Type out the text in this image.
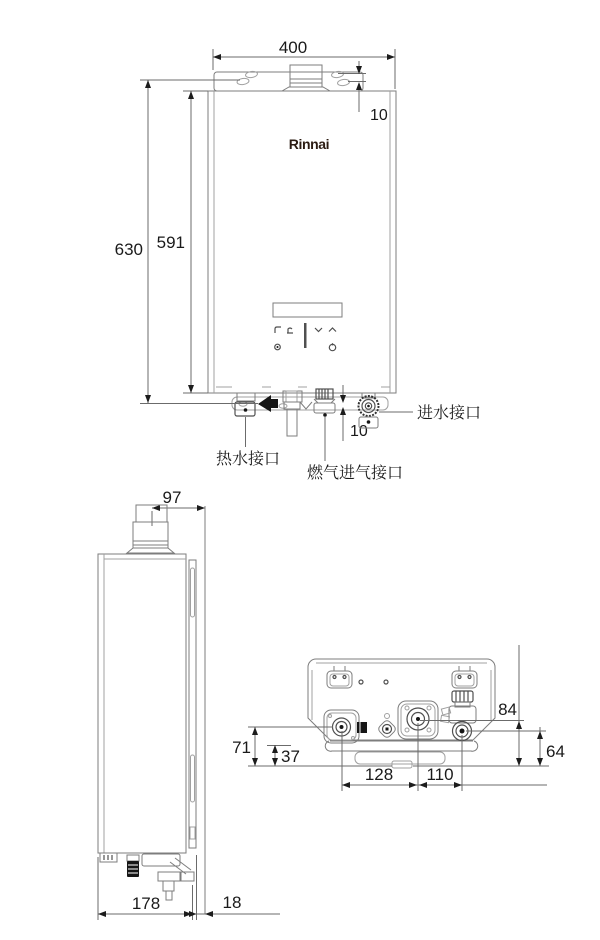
400
10
Rinnai
10
热水接口
燃气进气接口
进水接口
630 591
97
178	18
84
64
71 37
128 110
